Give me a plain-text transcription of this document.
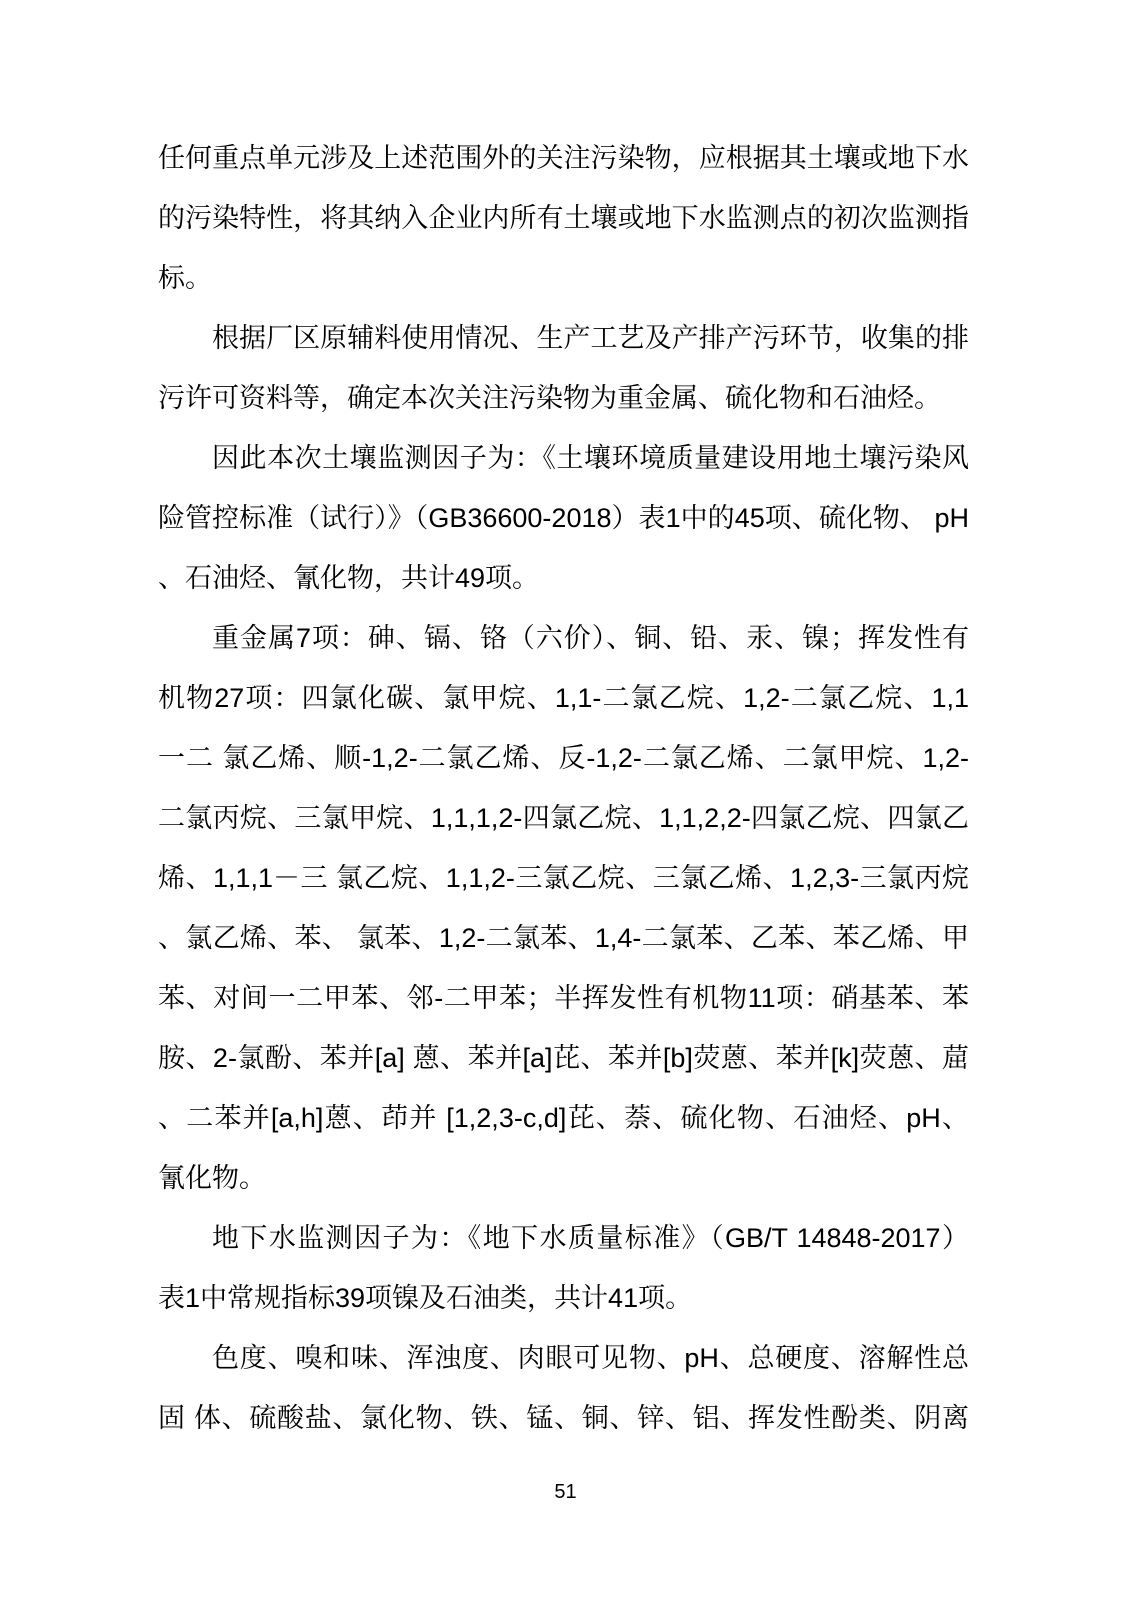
任何重点单元涉及上述范围外的关注污染物，应根据其土壤或地下水
的污染特性，将其纳入企业内所有土壤或地下水监测点的初次监测指
标。
根据厂区原辅料使用情况、生产工艺及产排产污环节，收集的排
污许可资料等，确定本次关注污染物为重金属、硫化物和石油烃。
因此本次土壤监测因子为：《土壤环境质量建设用地土壤污染风
险管控标准（试行）》（GB36600-2018）表1中的45项、硫化物、 pH
、石油烃、氰化物，共计49项。
重金属7项：砷、镉、铬（六价）、铜、铅、汞、镍；挥发性有
机物27项：四氯化碳、氯甲烷、1,1-二氯乙烷、1,2-二氯乙烷、1,1
一二 氯乙烯、顺-1,2-二氯乙烯、反-1,2-二氯乙烯、二氯甲烷、1,2-
二氯丙烷、三氯甲烷、1,1,1,2-四氯乙烷、1,1,2,2-四氯乙烷、四氯乙
烯、1,1,1－三 氯乙烷、1,1,2-三氯乙烷、三氯乙烯、1,2,3-三氯丙烷
、氯乙烯、苯、 氯苯、1,2-二氯苯、1,4-二氯苯、乙苯、苯乙烯、甲
苯、对间一二甲苯、邻-二甲苯；半挥发性有机物11项：硝基苯、苯
胺、2-氯酚、苯并[a] 蒽、苯并[a]芘、苯并[b]荧蒽、苯并[k]荧蒽、䓛
、二苯并[a,h]蒽、茚并 [1,2,3-c,d]芘、萘、硫化物、石油烃、pH、
氰化物。
地下水监测因子为：《地下水质量标准》（GB/T 14848-2017）
表1中常规指标39项镍及石油类，共计41项。
色度、嗅和味、浑浊度、肉眼可见物、pH、总硬度、溶解性总
固 体、硫酸盐、氯化物、铁、锰、铜、锌、铝、挥发性酚类、阴离
51
